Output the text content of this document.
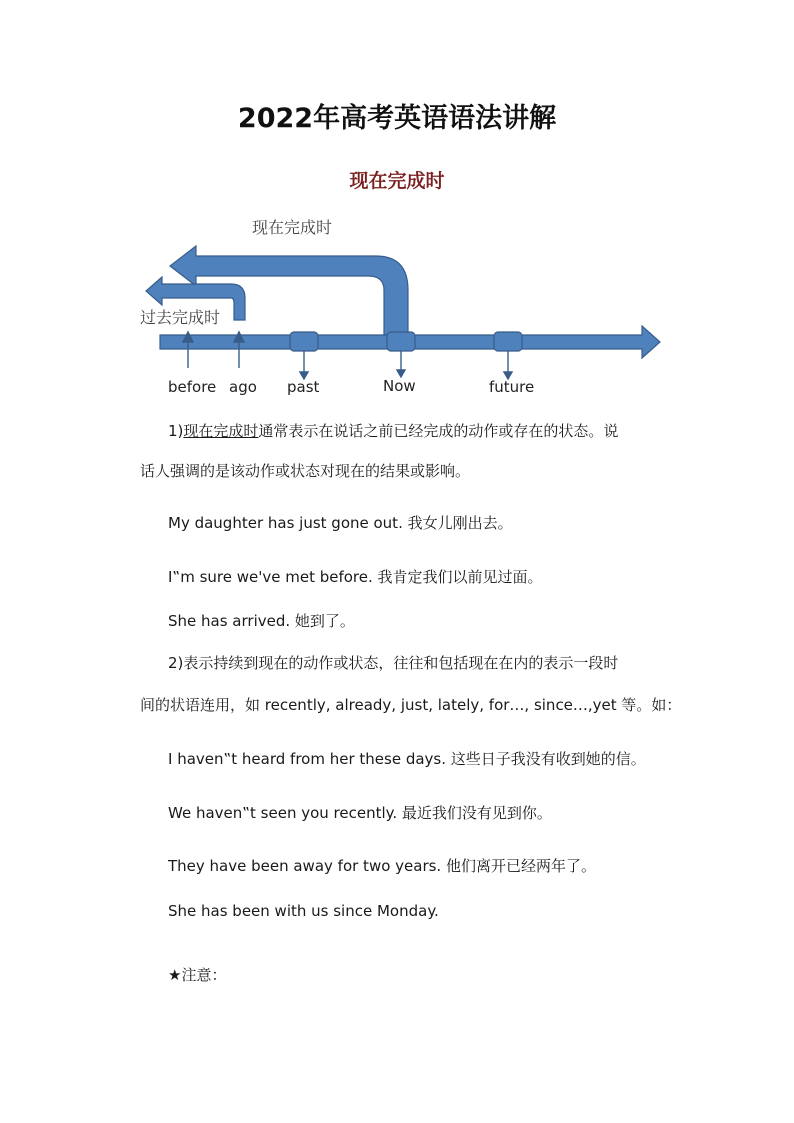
2022年高考英语语法讲解
现在完成时
现在完成时
过去完成时
before ago past	Now	future
1)现在完成时通常表示在说话之前已经完成的动作或存在的状态。说
话人强调的是该动作或状态对现在的结果或影响。
My daughter has just gone out. 我女儿刚出去。
I‟m sure we've met before. 我肯定我们以前见过面。
She has arrived. 她到了。
2)表示持续到现在的动作或状态，往往和包括现在在内的表示一段时
间的状语连用，如 recently, already, just, lately, for…, since…,yet 等。如：
I haven‟t heard from her these days. 这些日子我没有收到她的信。
We haven‟t seen you recently. 最近我们没有见到你。
They have been away for two years. 他们离开已经两年了。
She has been with us since Monday.
★注意：
